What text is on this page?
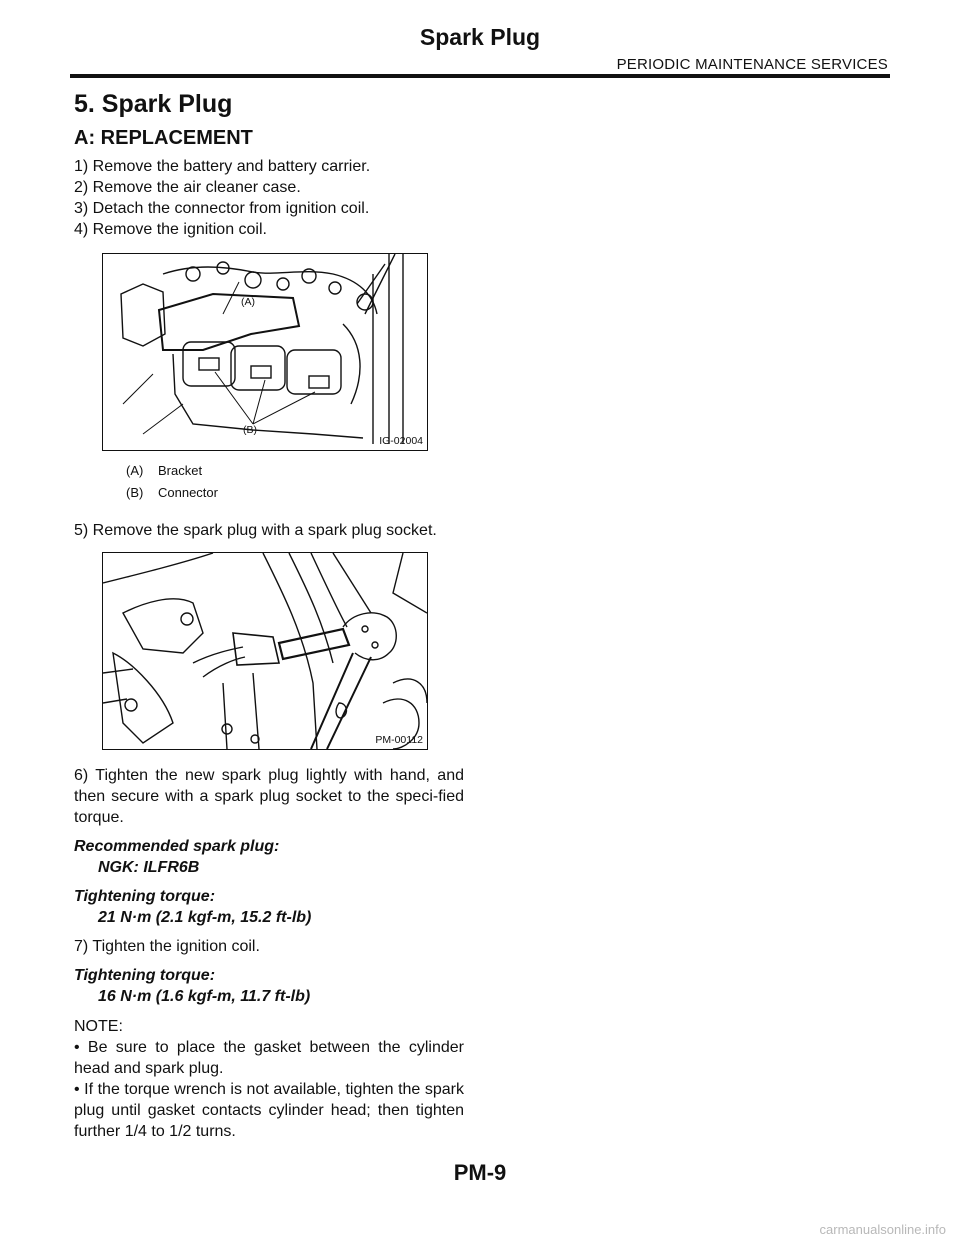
Spark Plug
PERIODIC MAINTENANCE SERVICES
5. Spark Plug
A: REPLACEMENT

1) Remove the battery and battery carrier.

2) Remove the air cleaner case.

3) Detach the connector from ignition coil.

4) Remove the ignition coil.

(A)
(B)
IG-02004
(A)	Bracket
(B)	Connector

5) Remove the spark plug with a spark plug socket.

PM-00112

6) Tighten the new spark plug lightly with hand, and then secure with a spark plug socket to the speci-fied torque.

Recommended spark plug:
NGK: ILFR6B
Tightening torque:
21 N·m (2.1 kgf-m, 15.2 ft-lb)

7) Tighten the ignition coil.

Tightening torque:
16 N·m (1.6 kgf-m, 11.7 ft-lb)

NOTE:

• Be sure to place the gasket between the cylinder head and spark plug.

• If the torque wrench is not available, tighten the spark plug until gasket contacts cylinder head; then tighten further 1/4 to 1/2 turns.

PM-9
carmanualsonline.info
